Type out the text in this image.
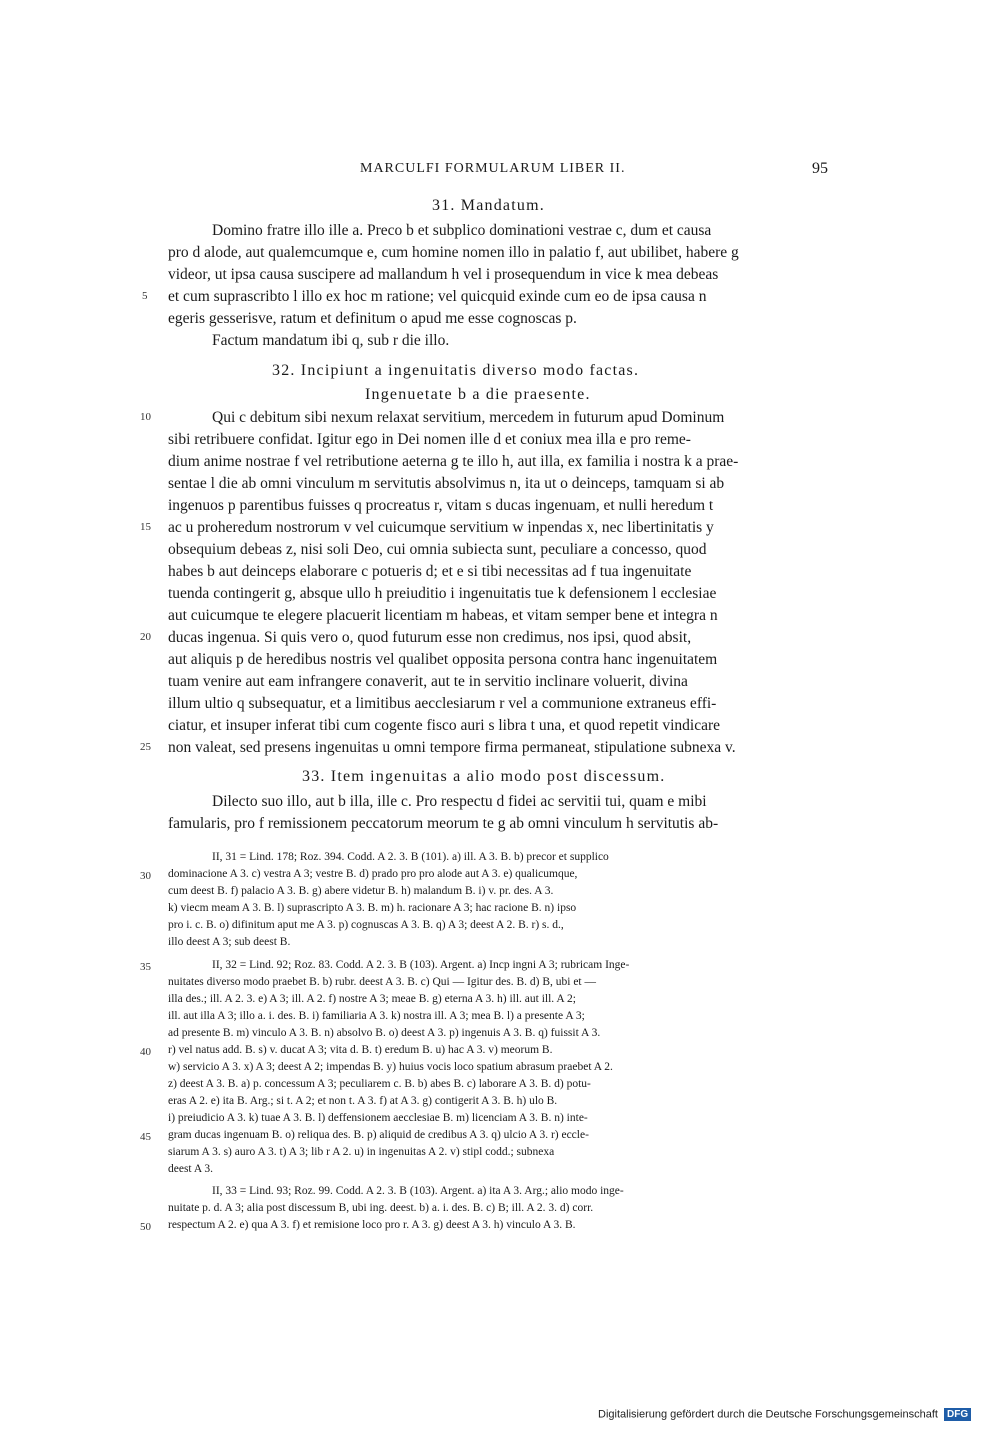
MARCULFI FORMULARUM LIBER II.	95
31. Mandatum.
Domino fratre illo ille a. Preco b et subplico dominationi vestrae c, dum et causa
pro d alode, aut qualemcumque e, cum homine nomen illo in palatio f, aut ubilibet, habere g
videor, ut ipsa causa suscipere ad mallandum h vel i prosequendum in vice k mea debeas
et cum suprascribto l illo ex hoc m ratione; vel quicquid exinde cum eo de ipsa causa n
egeris gesserisve, ratum et definitum o apud me esse cognoscas p.
Factum mandatum ibi q, sub r die illo.
32. Incipiunt a ingenuitatis diverso modo factas.
Ingenuetate b a die praesente.
Qui c debitum sibi nexum relaxat servitium, mercedem in futurum apud Dominum
sibi retribuere confidat. Igitur ego in Dei nomen ille d et coniux mea illa e pro reme-
dium anime nostrae f vel retributione aeterna g te illo h, aut illa, ex familia i nostra k a prae-
sentae l die ab omni vinculum m servitutis absolvimus n, ita ut o deinceps, tamquam si ab
ingenuos p parentibus fuisses q procreatus r, vitam s ducas ingenuam, et nulli heredum t
ac u proheredum nostrorum v vel cuicumque servitium w inpendas x, nec libertinitatis y
obsequium debeas z, nisi soli Deo, cui omnia subiecta sunt, peculiare a concesso, quod
habes b aut deinceps elaborare c potueris d; et e si tibi necessitas ad f tua ingenuitate
tuenda contingerit g, absque ullo h preiuditio i ingenuitatis tue k defensionem l ecclesiae
aut cuicumque te elegere placuerit licentiam m habeas, et vitam semper bene et integra n
ducas ingenua. Si quis vero o, quod futurum esse non credimus, nos ipsi, quod absit,
aut aliquis p de heredibus nostris vel qualibet opposita persona contra hanc ingenuitatem
tuam venire aut eam infrangere conaverit, aut te in servitio inclinare voluerit, divina
illum ultio q subsequatur, et a limitibus aecclesiarum r vel a communione extraneus effi-
ciatur, et insuper inferat tibi cum cogente fisco auri s libra t una, et quod repetit vindicare
non valeat, sed presens ingenuitas u omni tempore firma permaneat, stipulatione subnexa v.
33. Item ingenuitas a alio modo post discessum.
Dilecto suo illo, aut b illa, ille c. Pro respectu d fidei ac servitii tui, quam e mibi
famularis, pro f remissionem peccatorum meorum te g ab omni vinculum h servitutis ab-
II, 31 = Lind. 178; Roz. 394. Codd. A 2. 3. B (101). a) ill. A 3. B. b) precor et supplico
dominacione A 3. c) vestra A 3; vestre B. d) prado pro pro alode aut A 3. e) qualicumque,
cum deest B. f) palacio A 3. B. g) abere videtur B. h) malandum B. i) v. pr. des. A 3.
k) viecm meam A 3. B. l) suprascripto A 3. B. m) h. racionare A 3; hac racione B. n) ipso
pro i. c. B. o) difinitum aput me A 3. p) cognuscas A 3. B. q) A 3; deest A 2. B. r) s. d.,
illo deest A 3; sub deest B.
II, 32 = Lind. 92; Roz. 83. Codd. A 2. 3. B (103). Argent. a) Incp ingni A 3; rubricam Inge-
nuitates diverso modo praebet B. b) rubr. deest A 3. B. c) Qui — Igitur des. B. d) B, ubi et —
illa des.; ill. A 2. 3. e) A 3; ill. A 2. f) nostre A 3; meae B. g) eterna A 3. h) ill. aut ill. A 2;
ill. aut illa A 3; illo a. i. des. B. i) familiaria A 3. k) nostra ill. A 3; mea B. l) a presente A 3;
ad presente B. m) vinculo A 3. B. n) absolvo B. o) deest A 3. p) ingenuis A 3. B. q) fuissit A 3.
r) vel natus add. B. s) v. ducat A 3; vita d. B. t) eredum B. u) hac A 3. v) meorum B.
w) servicio A 3. x) A 3; deest A 2; impendas B. y) huius vocis loco spatium abrasum praebet A 2.
z) deest A 3. B. a) p. concessum A 3; peculiarem c. B. b) abes B. c) laborare A 3. B. d) potu-
eras A 2. e) ita B. Arg.; si t. A 2; et non t. A 3. f) at A 3. g) contigerit A 3. B. h) ulo B.
i) preiudicio A 3. k) tuae A 3. B. l) deffensionem aecclesiae B. m) licenciam A 3. B. n) inte-
gram ducas ingenuam B. o) reliqua des. B. p) aliquid de credibus A 3. q) ulcio A 3. r) eccle-
siarum A 3. s) auro A 3. t) A 3; lib r A 2. u) in ingenuitas A 2. v) stipl codd.; subnexa
deest A 3.
II, 33 = Lind. 93; Roz. 99. Codd. A 2. 3. B (103). Argent. a) ita A 3. Arg.; alio modo inge-
nuitate p. d. A 3; alia post discessum B, ubi ing. deest. b) a. i. des. B. c) B; ill. A 2. 3. d) corr.
respectum A 2. e) qua A 3. f) et remisione loco pro r. A 3. g) deest A 3. h) vinculo A 3. B.
5
10
15
20
25
30
35
40
45
50
Digitalisierung gefördert durch die Deutsche Forschungsgemeinschaft DFG
